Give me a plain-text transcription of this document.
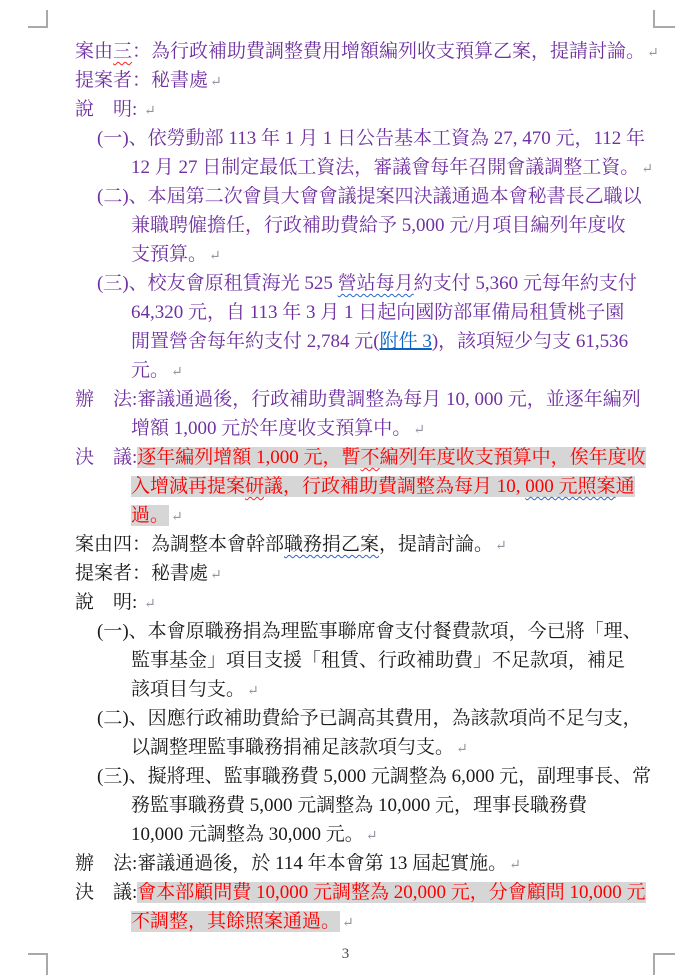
案由三：為行政補助費調整費用增額編列收支預算乙案，提請討論。 ↵
提案者：秘書處 ↵
說　明: ↵
(一)、依勞動部 113 年 1 月 1 日公告基本工資為 27, 470 元，112 年
12 月 27 日制定最低工資法，審議會每年召開會議調整工資。 ↵
(二)、本屆第二次會員大會會議提案四決議通過本會秘書長乙職以
兼職聘僱擔任，行政補助費給予 5,000 元/月項目編列年度收
支預算。 ↵
(三)、校友會原租賃海光 525 營站每月約支付 5,360 元每年約支付
64,320 元，自 113 年 3 月 1 日起向國防部軍備局租賃桃子園
閒置營舍每年約支付 2,784 元(附件 3)，該項短少勻支 61,536
元。 ↵
辦　法:審議通過後，行政補助費調整為每月 10, 000 元，並逐年編列
增額 1,000 元於年度收支預算中。 ↵
決　議:逐年編列增額 1,000 元，暫不編列年度收支預算中，俟年度收
入增減再提案研議，行政補助費調整為每月 10, 000 元照案通
過。 ↵
案由四：為調整本會幹部職務捐乙案，提請討論。 ↵
提案者：秘書處 ↵
說　明: ↵
(一)、本會原職務捐為理監事聯席會支付餐費款項，今已將「理、
監事基金」項目支援「租賃、行政補助費」不足款項，補足
該項目勻支。 ↵
(二)、因應行政補助費給予已調高其費用，為該款項尚不足勻支，
以調整理監事職務捐補足該款項勻支。 ↵
(三)、擬將理、監事職務費 5,000 元調整為 6,000 元，副理事長、常
務監事職務費 5,000 元調整為 10,000 元，理事長職務費
10,000 元調整為 30,000 元。 ↵
辦　法:審議通過後，於 114 年本會第 13 屆起實施。 ↵
決　議:會本部顧問費 10,000 元調整為 20,000 元，分會顧問 10,000 元
不調整，其餘照案通過。 ↵
3
